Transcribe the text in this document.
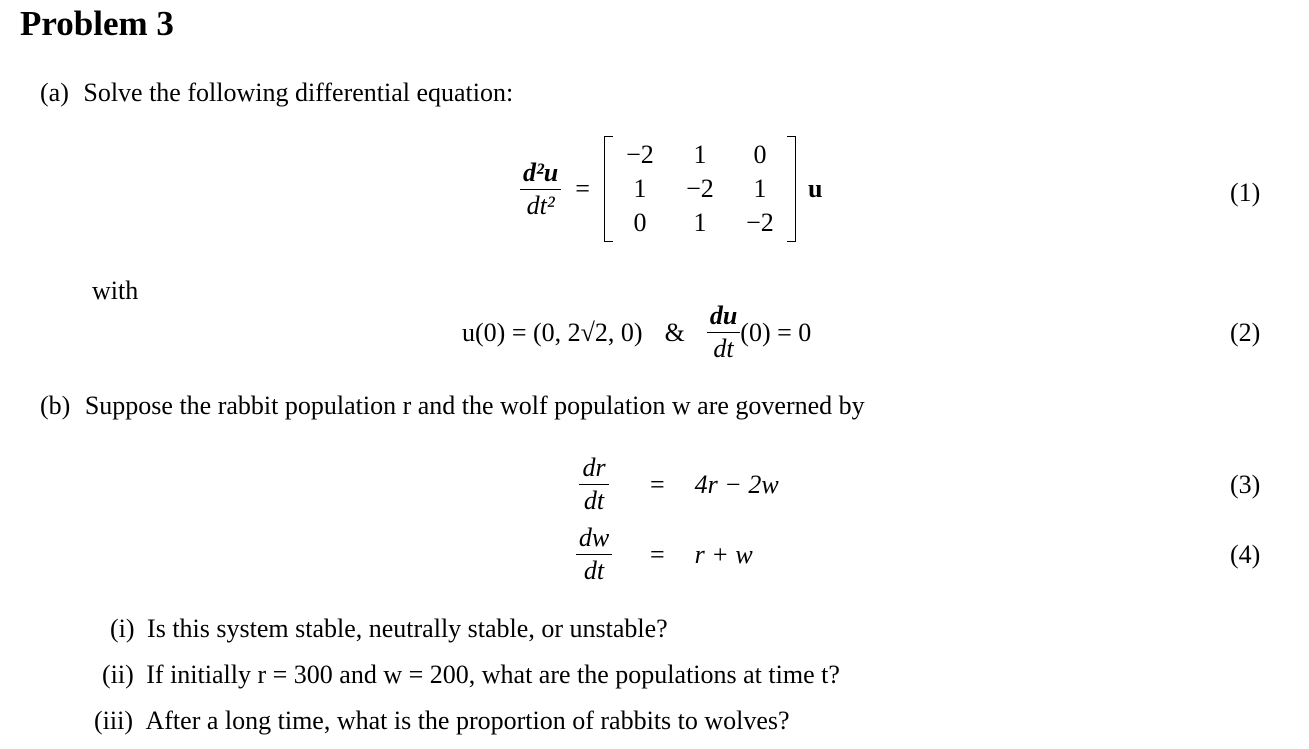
Problem 3
(a) Solve the following differential equation:
$\frac{\text{d²u}}{\text{dt²}}$ =
−2	1	0
1	−2	1
0	1	−2
u	(1)
with
u(0) = (0, 2√2, 0) & $\frac{du}{dt} (0) = 0$	(2)
(b) Suppose the rabbit population r and the wolf population w are governed by
$\frac{dr}{dt} = 4r - 2w$	(3)
$\frac{dw}{dt} = r + w$	(4)
(i) Is this system stable, neutrally stable, or unstable?
(ii) If initially r = 300 and w = 200, what are the populations at time t?
(iii) After a long time, what is the proportion of rabbits to wolves?
